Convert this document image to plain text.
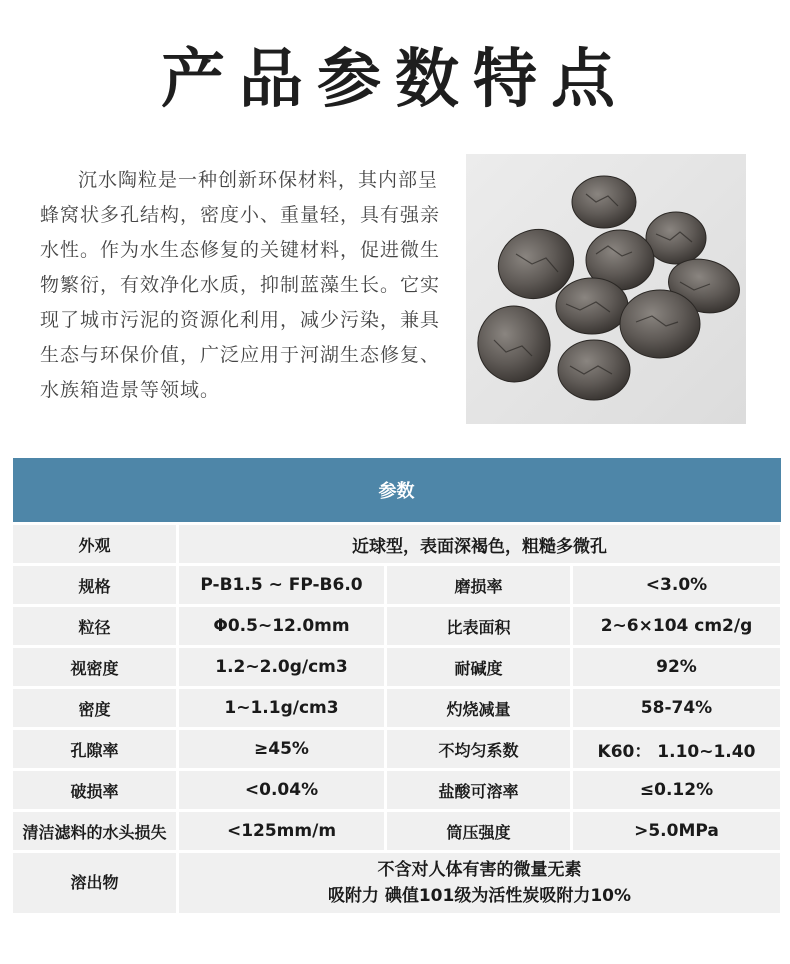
产品参数特点
沉水陶粒是一种创新环保材料，其内部呈蜂窝状多孔结构，密度小、重量轻，具有强亲水性。作为水生态修复的关键材料，促进微生物繁衍，有效净化水质，抑制蓝藻生长。它实现了城市污泥的资源化利用，减少污染，兼具生态与环保价值，广泛应用于河湖生态修复、水族箱造景等领域。
参数			
外观	近球型，表面深褐色，粗糙多微孔		
规格	P-B1.5 ~ FP-B6.0	磨损率	<3.0%
粒径	Φ0.5~12.0mm	比表面积	2~6×104 cm2/g
视密度	1.2~2.0g/cm3	耐碱度	92%
密度	1~1.1g/cm3	灼烧减量	58-74%
孔隙率	≥45%	不均匀系数	K60： 1.10~1.40
破损率	<0.04%	盐酸可溶率	≤0.12%
清洁滤料的水头损失	<125mm/m	筒压强度	>5.0MPa
溶出物	不含对人体有害的微量无素
吸附力 碘值101级为活性炭吸附力10%		
